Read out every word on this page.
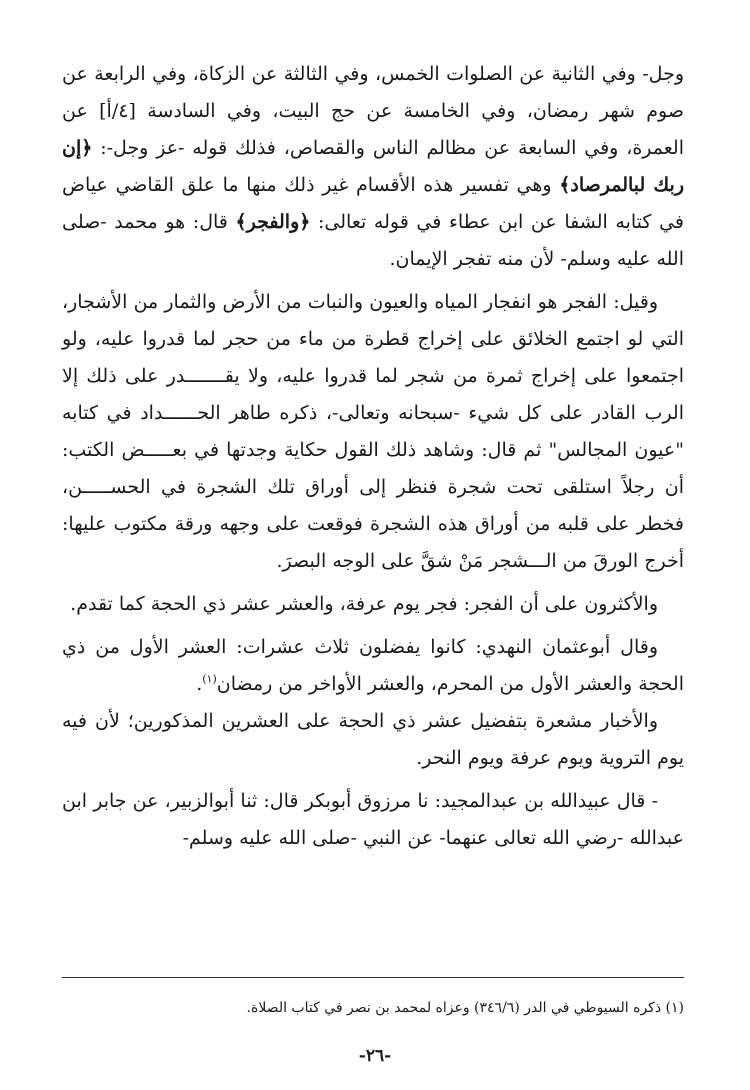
وجل- وفي الثانية عن الصلوات الخمس، وفي الثالثة عن الزكاة، وفي الرابعة عن صوم شهر رمضان، وفي الخامسة عن حج البيت، وفي السادسة [٤/أ] عن العمرة، وفي السابعة عن مظالم الناس والقصاص، فذلك قوله -عز وجل-: ﴿إن ربك لبالمرصاد﴾ وهي تفسير هذه الأقسام غير ذلك منها ما علق القاضي عياض في كتابه الشفا عن ابن عطاء في قوله تعالى: ﴿والفجر﴾ قال: هو محمد -صلى الله عليه وسلم- لأن منه تفجر الإيمان.

وقيل: الفجر هو انفجار المياه والعيون والنبات من الأرض والثمار من الأشجار، التي لو اجتمع الخلائق على إخراج قطرة من ماء من حجر لما قدروا عليه، ولو اجتمعوا على إخراج ثمرة من شجر لما قدروا عليه، ولا يقـــــــدر على ذلك إلا الرب القادر على كل شيء -سبحانه وتعالى-، ذكره طاهر الحــــــداد في كتابه "عيون المجالس" ثم قال: وشاهد ذلك القول حكاية وجدتها في بعـــــض الكتب: أن رجلاً استلقى تحت شجرة فنظر إلى أوراق تلك الشجرة في الحســـــن، فخطر على قلبه من أوراق هذه الشجرة فوقعت على وجهه ورقة مكتوب عليها: أخرج الورقَ من الـــشجر مَنْ شقَّ على الوجه البصرَ.

والأكثرون على أن الفجر: فجر يوم عرفة، والعشر عشر ذي الحجة كما تقدم.

وقال أبوعثمان النهدي: كانوا يفضلون ثلاث عشرات: العشر الأول من ذي الحجة والعشر الأول من المحرم، والعشر الأواخر من رمضان$^{(١)}$.

والأخبار مشعرة بتفضيل عشر ذي الحجة على العشرين المذكورين؛ لأن فيه يوم التروية ويوم عرفة ويوم النحر.

- قال عبيدالله بن عبدالمجيد: نا مرزوق أبوبكر قال: ثنا أبوالزبير، عن جابر ابن عبدالله -رضي الله تعالى عنهما- عن النبي -صلى الله عليه وسلم-

(١) ذكره السيوطي في الدر (٣٤٦/٦) وعزاه لمحمد بن نصر في كتاب الصلاة.
-٢٦-
